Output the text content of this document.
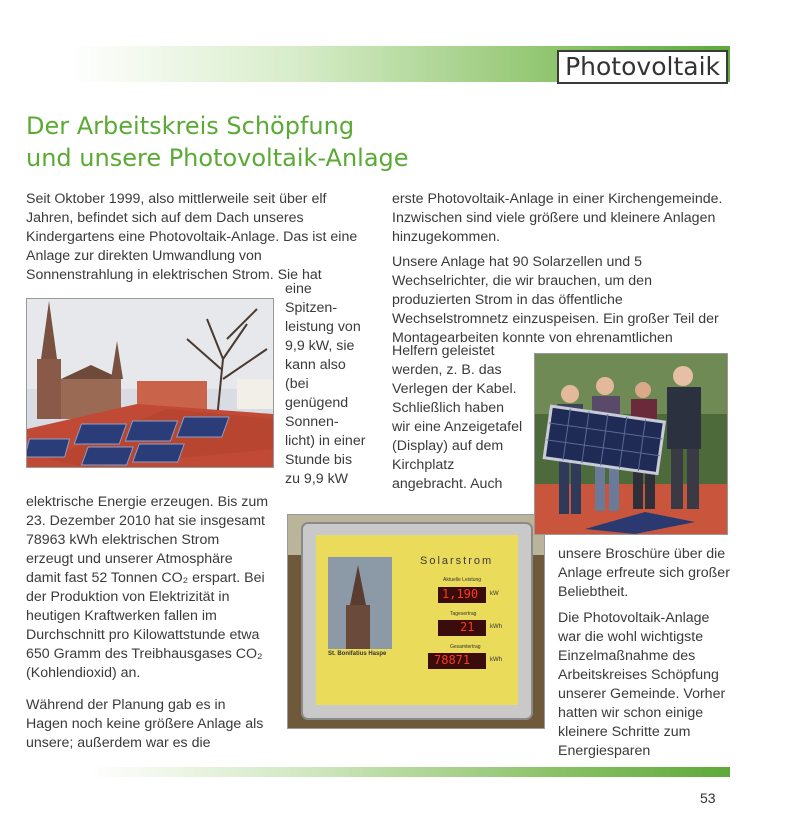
Photovoltaik
Der Arbeitskreis Schöpfung
und unsere Photovoltaik-Anlage

Seit Oktober 1999, also mittlerweile seit über elf Jahren, befindet sich auf dem Dach unseres Kindergartens eine Photovoltaik-Anlage. Das ist eine Anlage zur direkten Umwandlung von Sonnenstrahlung in elektrischen Strom. Sie hat

eine Spitzen-leistung von 9,9 kW, sie kann also (bei genügend Sonnen-licht) in einer Stunde bis zu 9,9 kW

elektrische Energie erzeugen. Bis zum 23. Dezember 2010 hat sie insgesamt 78963 kWh elektrischen Strom erzeugt und unserer Atmosphäre damit fast 52 Tonnen CO₂ erspart. Bei der Produktion von Elektrizität in heutigen Kraftwerken fallen im Durchschnitt pro Kilowattstunde etwa 650 Gramm des Treibhausgases CO₂ (Kohlendioxid) an.

Während der Planung gab es in Hagen noch keine größere Anlage als unsere; außerdem war es die

Solarstrom
Aktuelle Leistung
1,190 kW
Tagesertrag
21	kWh
Gesamtertrag
78871	kWh
St. Bonifatius Haspe

erste Photovoltaik-Anlage in einer Kirchengemeinde. Inzwischen sind viele größere und kleinere Anlagen hinzugekommen.

Unsere Anlage hat 90 Solarzellen und 5 Wechselrichter, die wir brauchen, um den produzierten Strom in das öffentliche Wechselstromnetz einzuspeisen. Ein großer Teil der Montagearbeiten konnte von ehrenamtlichen

Helfern geleistet werden, z. B. das Verlegen der Kabel. Schließlich haben wir eine Anzeigetafel (Display) auf dem Kirchplatz angebracht. Auch

unsere Broschüre über die Anlage erfreute sich großer Beliebtheit.

Die Photovoltaik-Anlage war die wohl wichtigste Einzelmaßnahme des Arbeitskreises Schöpfung unserer Gemeinde. Vorher hatten wir schon einige kleinere Schritte zum Energiesparen

53
